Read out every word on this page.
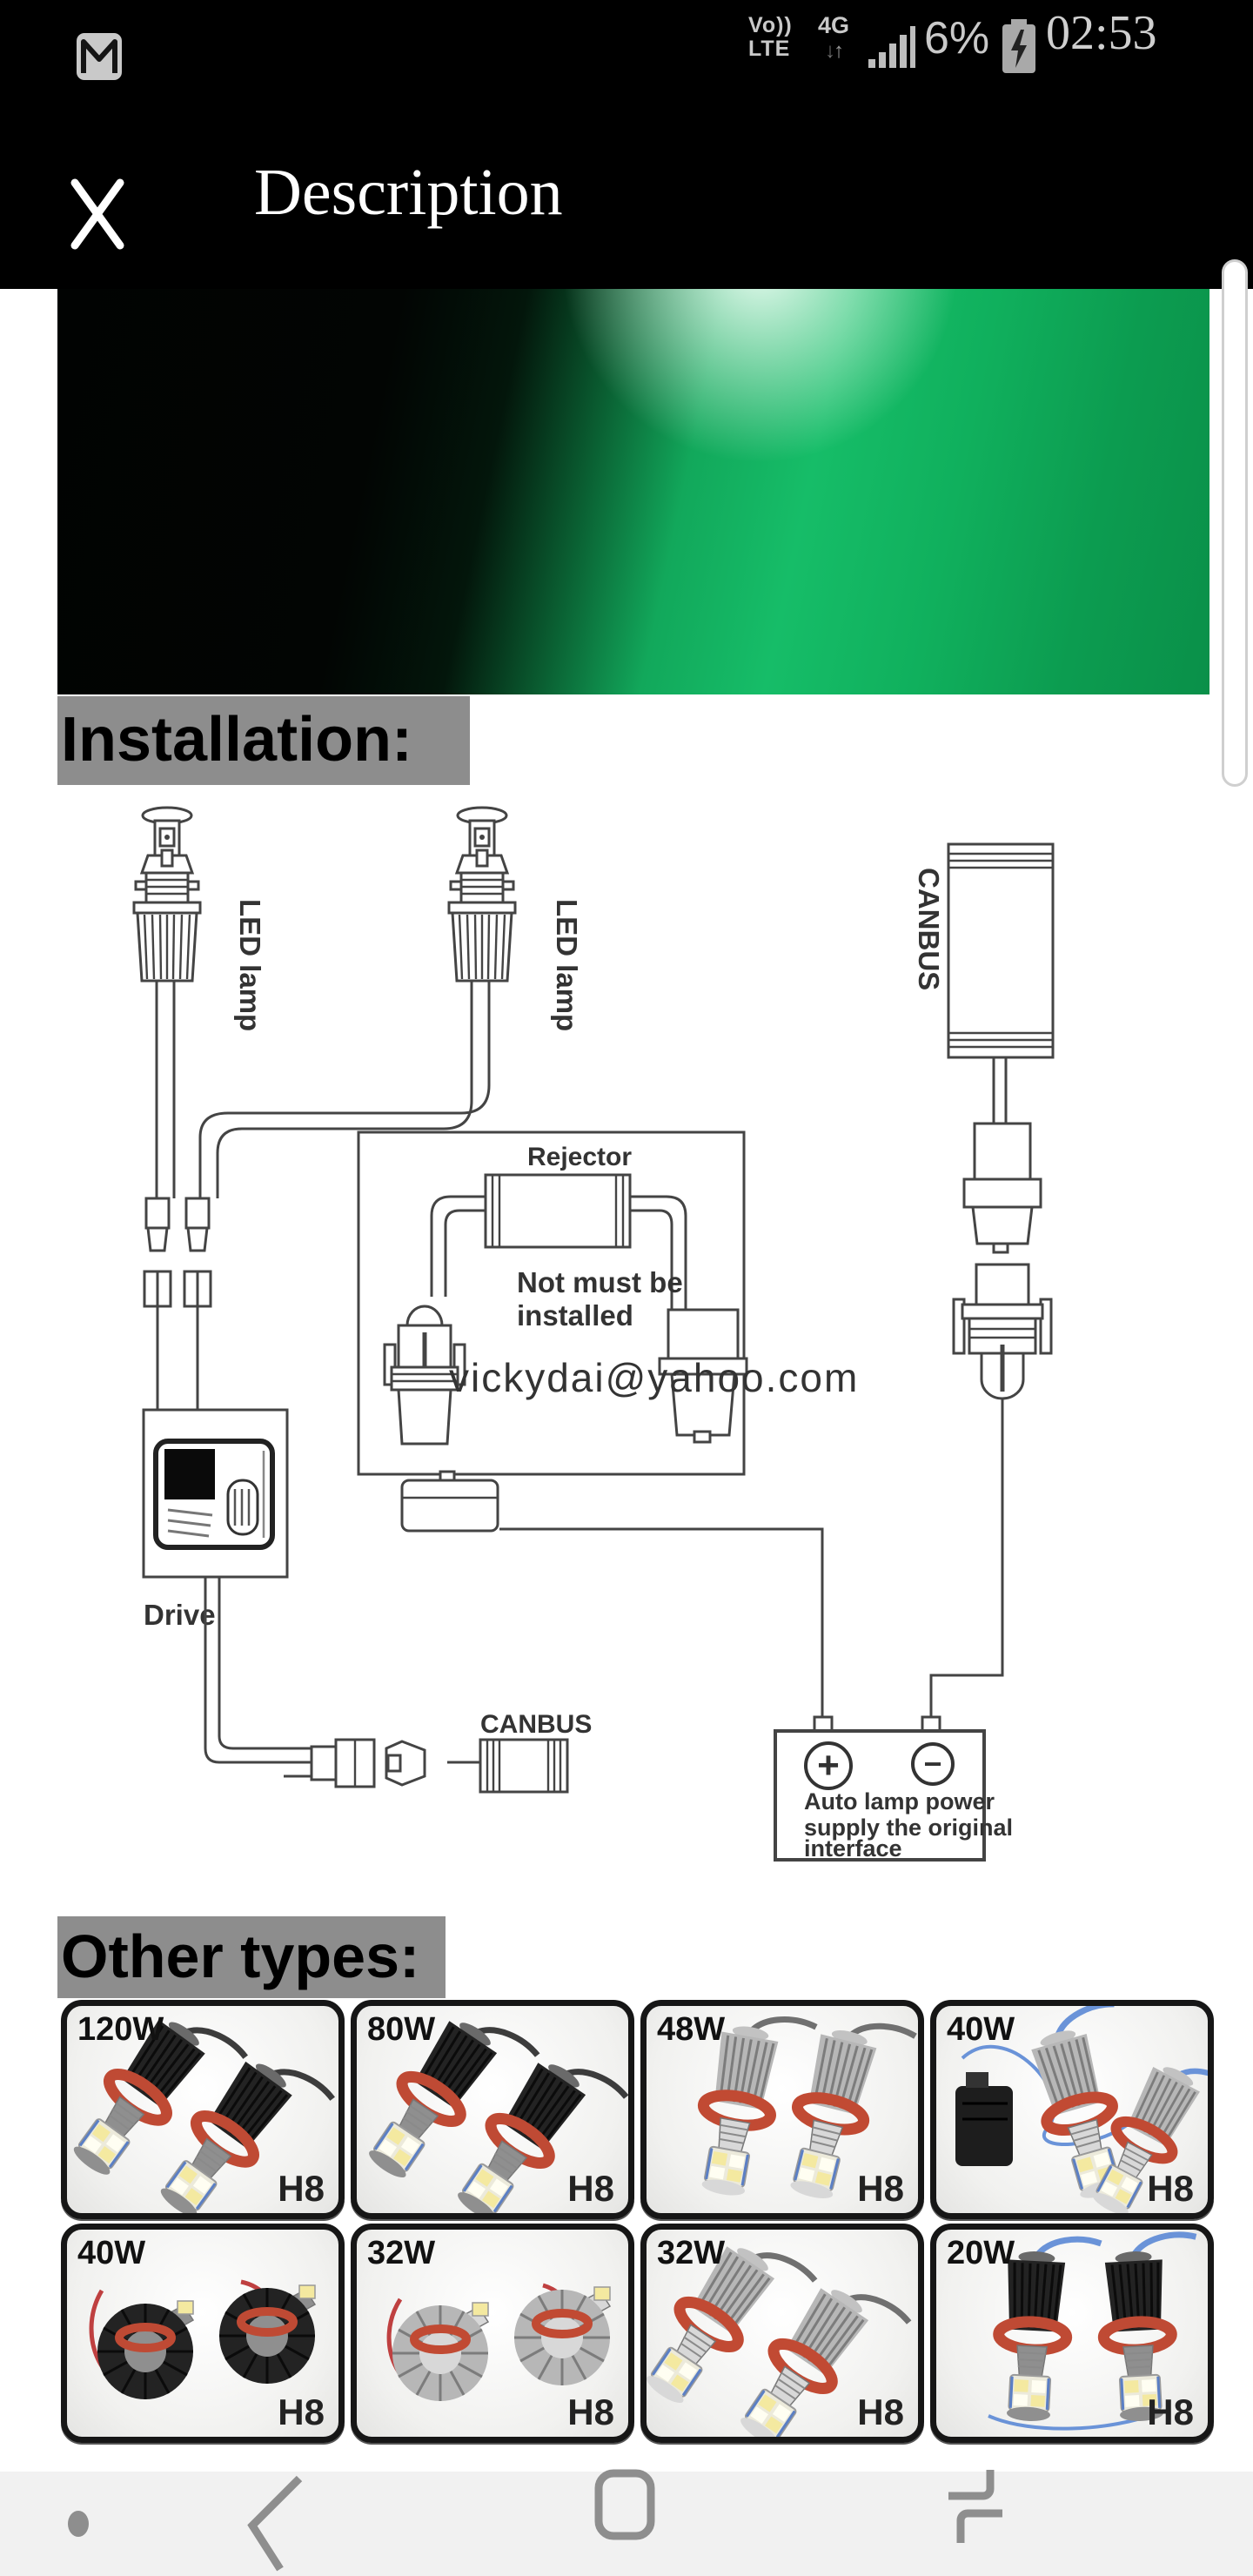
Vo))
LTE
4G
↓↑ 6% 02:53
Description
Installation:
Other types:
LED lamp	LED lamp
Drive
CANBUS
Rejector
Not must be
installed
vickydai@yahoo.com
CANBUS
+	−
Auto lamp power
supply the original
interface
120W
H8
80W
H8
48W
H8
40W
H8
40W
H8
32W
H8
32W
H8
20W
H8
